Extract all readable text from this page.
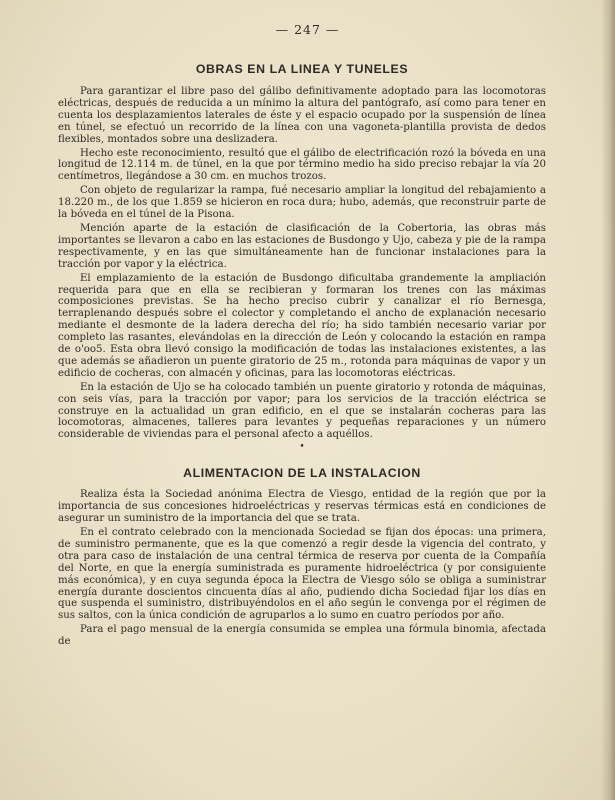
— 247 —
OBRAS EN LA LINEA Y TUNELES

Para garantizar el libre paso del gálibo definitivamente adoptado para las locomotoras eléctricas, después de reducida a un mínimo la altura del pantógrafo, así como para tener en cuenta los desplazamientos laterales de éste y el espacio ocupado por la suspensión de línea en túnel, se efectuó un recorrido de la línea con una vagoneta-plantilla provista de dedos flexibles, montados sobre una deslizadera.

Hecho este reconocimiento, resultó que el gálibo de electrificación rozó la bóveda en una longitud de 12.114 m. de túnel, en la que por término medio ha sido preciso rebajar la vía 20 centímetros, llegándose a 30 cm. en muchos trozos.

Con objeto de regularizar la rampa, fué necesario ampliar la longitud del rebajamiento a 18.220 m., de los que 1.859 se hicieron en roca dura; hubo, además, que reconstruir parte de la bóveda en el túnel de la Pisona.

Mención aparte de la estación de clasificación de la Cobertoria, las obras más importantes se llevaron a cabo en las estaciones de Busdongo y Ujo, cabeza y pie de la rampa respectivamente, y en las que simultáneamente han de funcionar instalaciones para la tracción por vapor y la eléctrica.

El emplazamiento de la estación de Busdongo dificultaba grandemente la ampliación requerida para que en ella se recibieran y formaran los trenes con las máximas composiciones previstas. Se ha hecho preciso cubrir y canalizar el río Bernesga, terraplenando después sobre el colector y completando el ancho de explanación necesario mediante el desmonte de la ladera derecha del río; ha sido también necesario variar por completo las rasantes, elevándolas en la dirección de León y colocando la estación en rampa de o'oo5. Esta obra llevó consigo la modificación de todas las instalaciones existentes, a las que además se añadieron un puente giratorio de 25 m., rotonda para máquinas de vapor y un edificio de cocheras, con almacén y oficinas, para las locomotoras eléctricas.

En la estación de Ujo se ha colocado también un puente giratorio y rotonda de máquinas, con seis vías, para la tracción por vapor; para los servicios de la tracción eléctrica se construye en la actualidad un gran edificio, en el que se instalarán cocheras para las locomotoras, almacenes, talleres para levantes y pequeñas reparaciones y un número considerable de viviendas para el personal afecto a aquéllos.

•
ALIMENTACION DE LA INSTALACION

Realiza ésta la Sociedad anónima Electra de Viesgo, entidad de la región que por la importancia de sus concesiones hidroeléctricas y reservas térmicas está en condiciones de asegurar un suministro de la importancia del que se trata.

En el contrato celebrado con la mencionada Sociedad se fijan dos épocas: una primera, de suministro permanente, que es la que comenzó a regir desde la vigencia del contrato, y otra para caso de instalación de una central térmica de reserva por cuenta de la Compañía del Norte, en que la energía suministrada es puramente hidroeléctrica (y por consiguiente más económica), y en cuya segunda época la Electra de Viesgo sólo se obliga a suministrar energía durante doscientos cincuenta días al año, pudiendo dicha Sociedad fijar los días en que suspenda el suministro, distribuyéndolos en el año según le convenga por el régimen de sus saltos, con la única condición de agruparlos a lo sumo en cuatro períodos por año.

Para el pago mensual de la energía consumida se emplea una fórmula binomia, afectada de
